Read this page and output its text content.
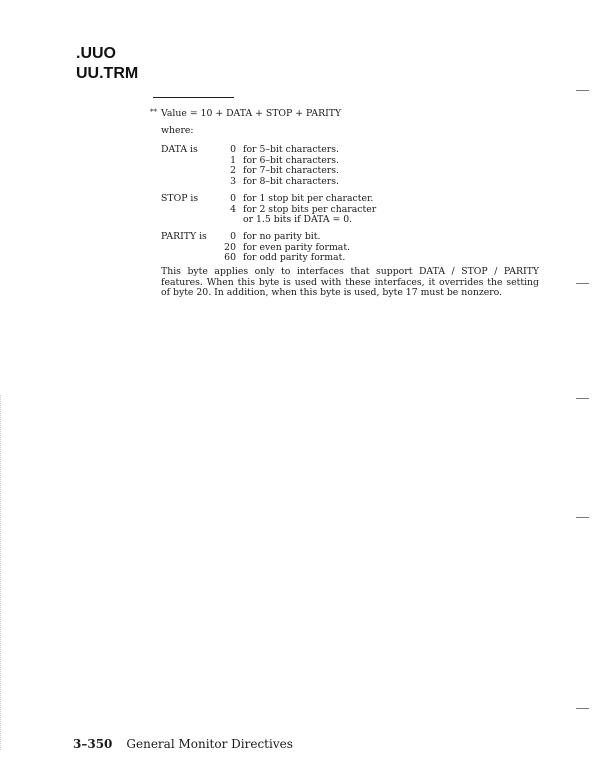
.UUO
UU.TRM
** Value = 10 + DATA + STOP + PARITY
where:
DATA is	0 for 5–bit characters.
1 for 6–bit characters.
2 for 7–bit characters.
3 for 8–bit characters.
STOP is	0 for 1 stop bit per character.
4 for 2 stop bits per character
or 1.5 bits if DATA = 0.
PARITY is	0 for no parity bit.
20 for even parity format.
60 for odd parity format.
This byte applies only to interfaces that support DATA / STOP / PARITY features. When this byte is used with these interfaces, it overrides the setting of byte 20. In addition, when this byte is used, byte 17 must be nonzero.
3–350 General Monitor Directives
